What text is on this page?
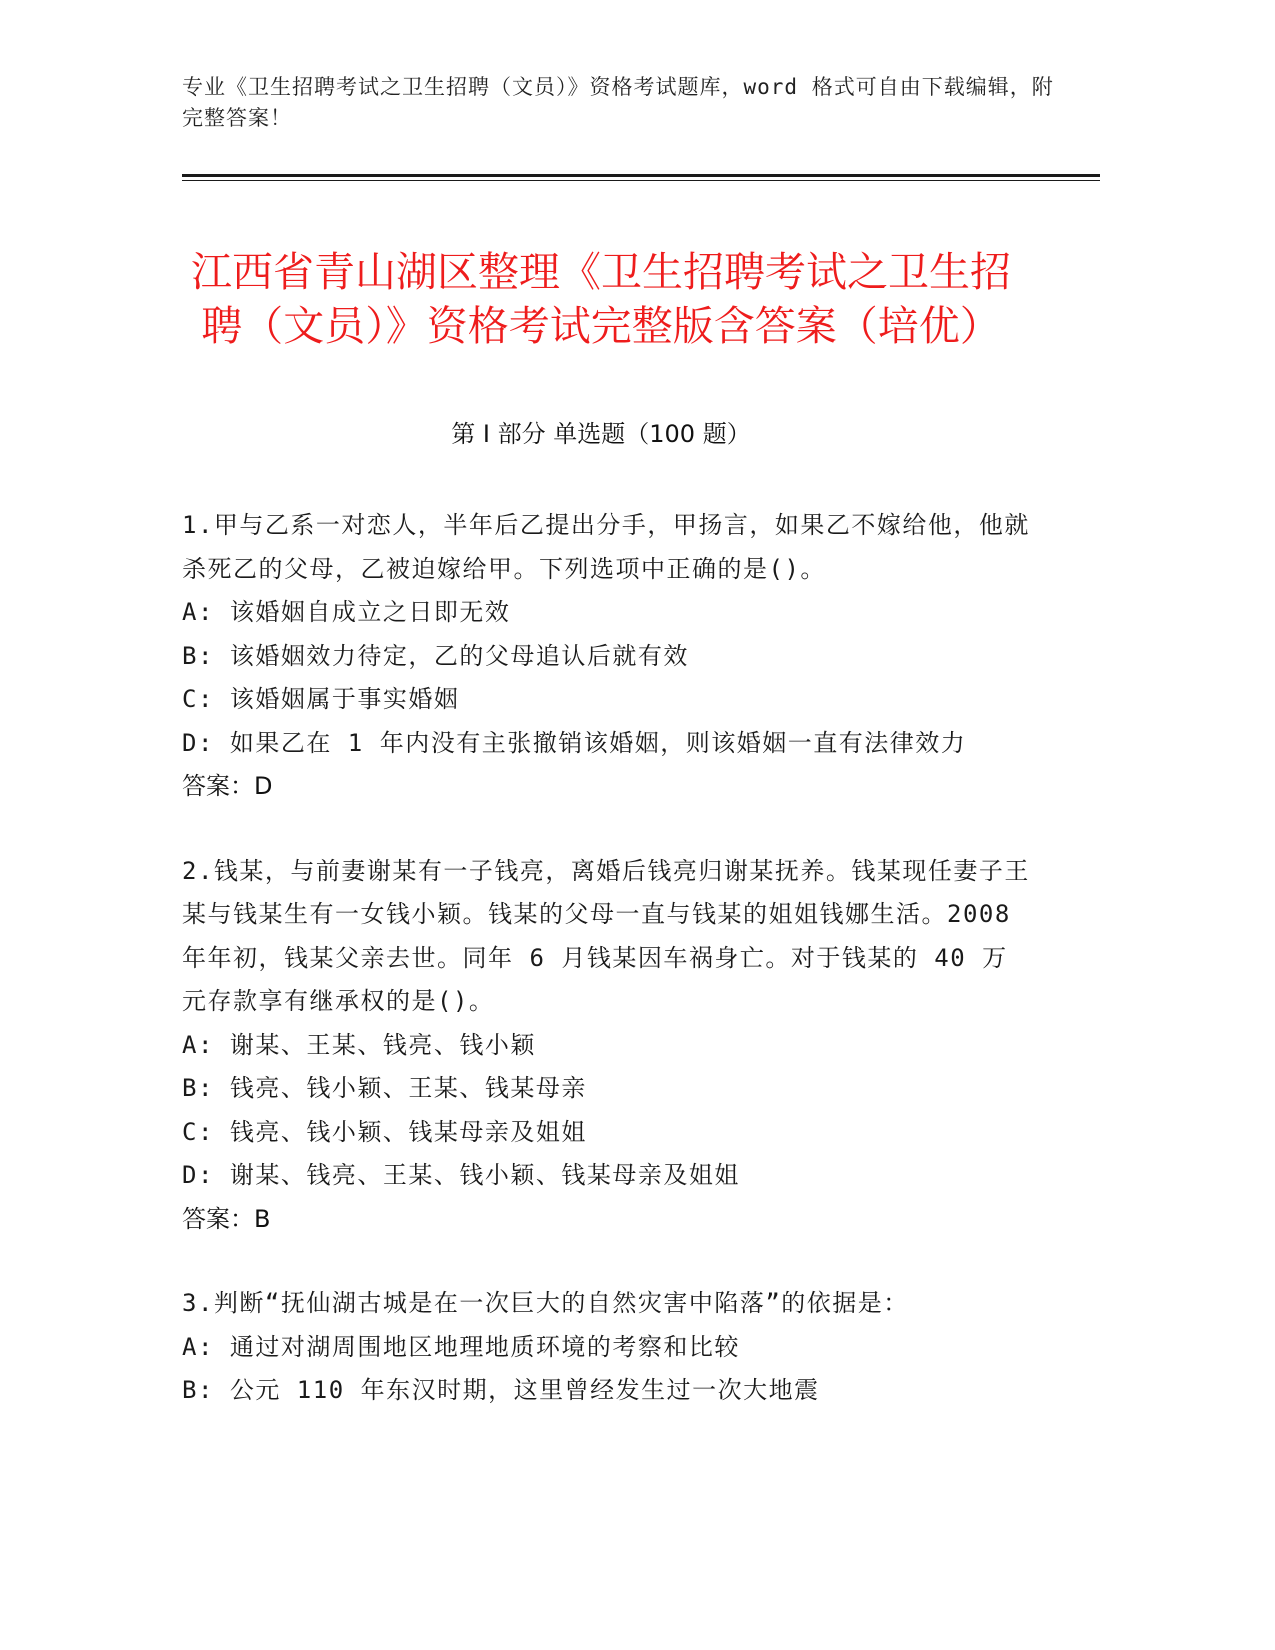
专业《卫生招聘考试之卫生招聘（文员）》资格考试题库，word 格式可自由下载编辑，附完整答案！
江西省青山湖区整理《卫生招聘考试之卫生招聘（文员）》资格考试完整版含答案（培优）
第 I 部分 单选题（100 题）
1.甲与乙系一对恋人，半年后乙提出分手，甲扬言，如果乙不嫁给他，他就杀死乙的父母，乙被迫嫁给甲。下列选项中正确的是()。
A: 该婚姻自成立之日即无效
B: 该婚姻效力待定，乙的父母追认后就有效
C: 该婚姻属于事实婚姻
D: 如果乙在 1 年内没有主张撤销该婚姻，则该婚姻一直有法律效力
答案：D
2.钱某，与前妻谢某有一子钱亮，离婚后钱亮归谢某抚养。钱某现任妻子王某与钱某生有一女钱小颖。钱某的父母一直与钱某的姐姐钱娜生活。2008 年年初，钱某父亲去世。同年 6 月钱某因车祸身亡。对于钱某的 40 万元存款享有继承权的是()。
A: 谢某、王某、钱亮、钱小颖
B: 钱亮、钱小颖、王某、钱某母亲
C: 钱亮、钱小颖、钱某母亲及姐姐
D: 谢某、钱亮、王某、钱小颖、钱某母亲及姐姐
答案：B
3.判断“抚仙湖古城是在一次巨大的自然灾害中陷落”的依据是：
A: 通过对湖周围地区地理地质环境的考察和比较
B: 公元 110 年东汉时期，这里曾经发生过一次大地震
